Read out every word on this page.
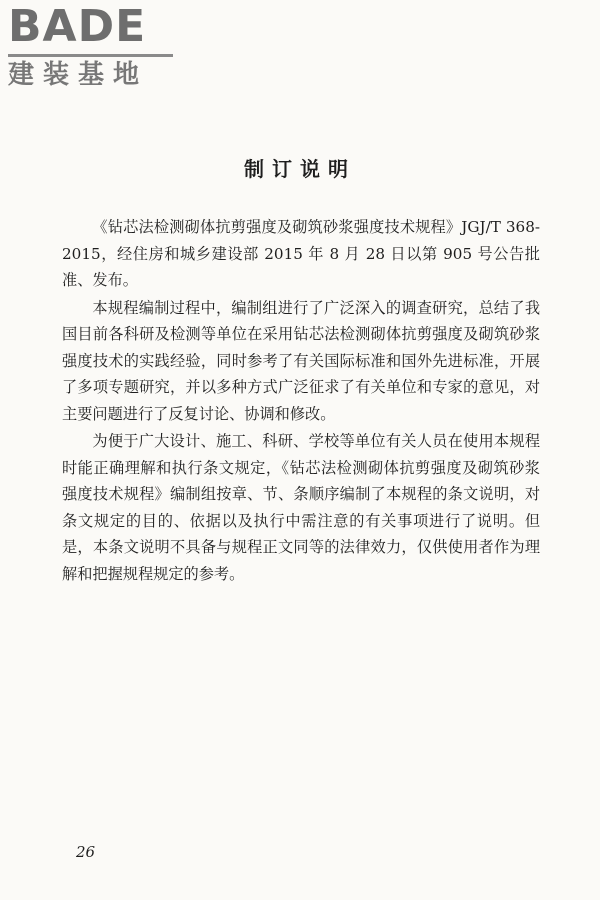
BADE
建装基地
制订说明

《钻芯法检测砌体抗剪强度及砌筑砂浆强度技术规程》JGJ/T 368-2015，经住房和城乡建设部 2015 年 8 月 28 日以第 905 号公告批准、发布。

本规程编制过程中，编制组进行了广泛深入的调查研究，总结了我国目前各科研及检测等单位在采用钻芯法检测砌体抗剪强度及砌筑砂浆强度技术的实践经验，同时参考了有关国际标准和国外先进标准，开展了多项专题研究，并以多种方式广泛征求了有关单位和专家的意见，对主要问题进行了反复讨论、协调和修改。

为便于广大设计、施工、科研、学校等单位有关人员在使用本规程时能正确理解和执行条文规定，《钻芯法检测砌体抗剪强度及砌筑砂浆强度技术规程》编制组按章、节、条顺序编制了本规程的条文说明，对条文规定的目的、依据以及执行中需注意的有关事项进行了说明。但是，本条文说明不具备与规程正文同等的法律效力，仅供使用者作为理解和把握规程规定的参考。

26
